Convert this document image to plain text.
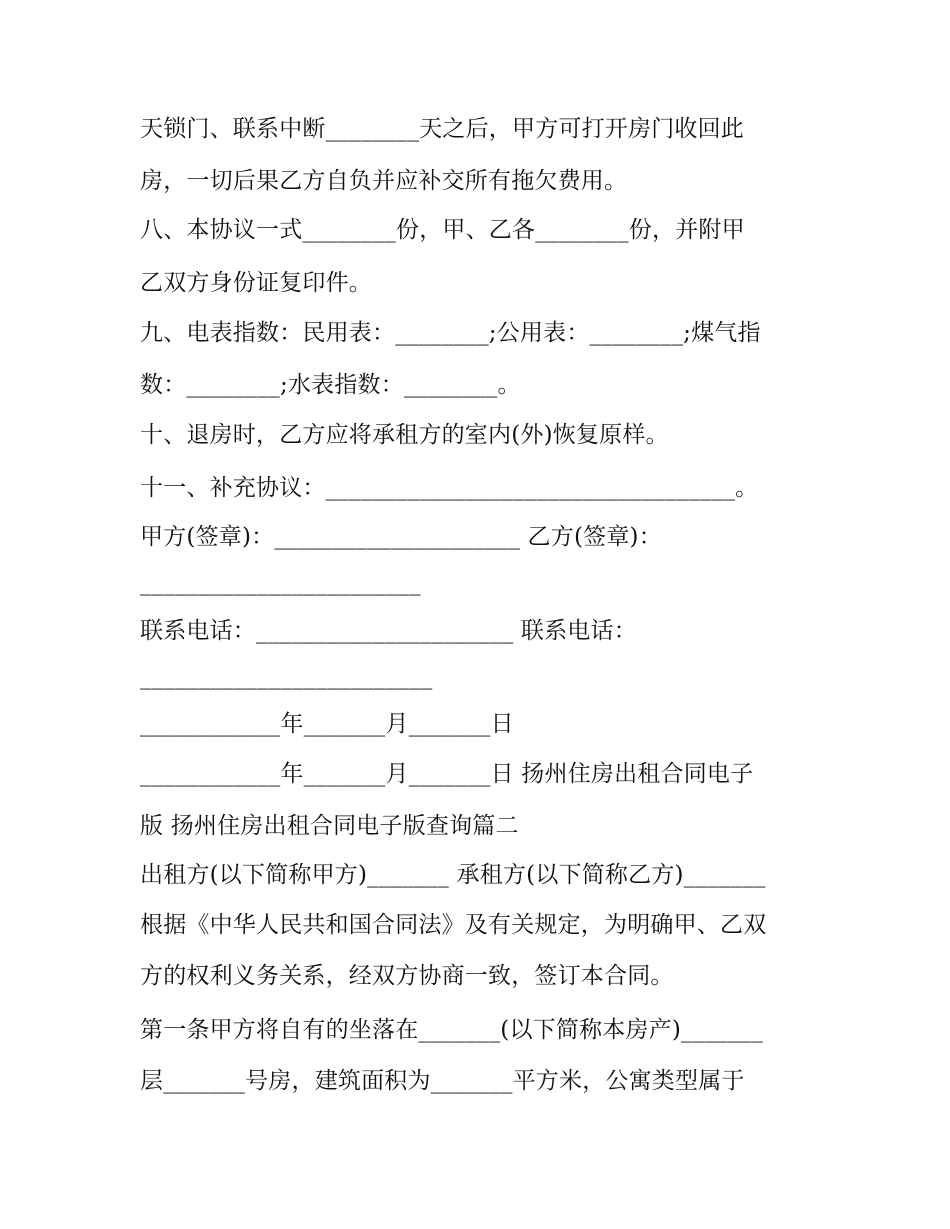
天锁门、联系中断________天之后，甲方可打开房门收回此
房，一切后果乙方自负并应补交所有拖欠费用。
八、本协议一式________份，甲、乙各________份，并附甲
乙双方身份证复印件。
九、电表指数：民用表：________;公用表：________;煤气指
数：________;水表指数：________。
十、退房时，乙方应将承租方的室内(外)恢复原样。
十一、补充协议：___________________________________。
甲方(签章)：_____________________ 乙方(签章)：
________________________
联系电话：______________________ 联系电话：
_________________________
____________年_______月_______日
____________年_______月_______日 扬州住房出租合同电子
版 扬州住房出租合同电子版查询篇二
出租方(以下简称甲方)_______ 承租方(以下简称乙方)_______
根据《中华人民共和国合同法》及有关规定，为明确甲、乙双
方的权利义务关系，经双方协商一致，签订本合同。
第一条甲方将自有的坐落在_______(以下简称本房产)_______
层_______号房，建筑面积为_______平方米，公寓类型属于
